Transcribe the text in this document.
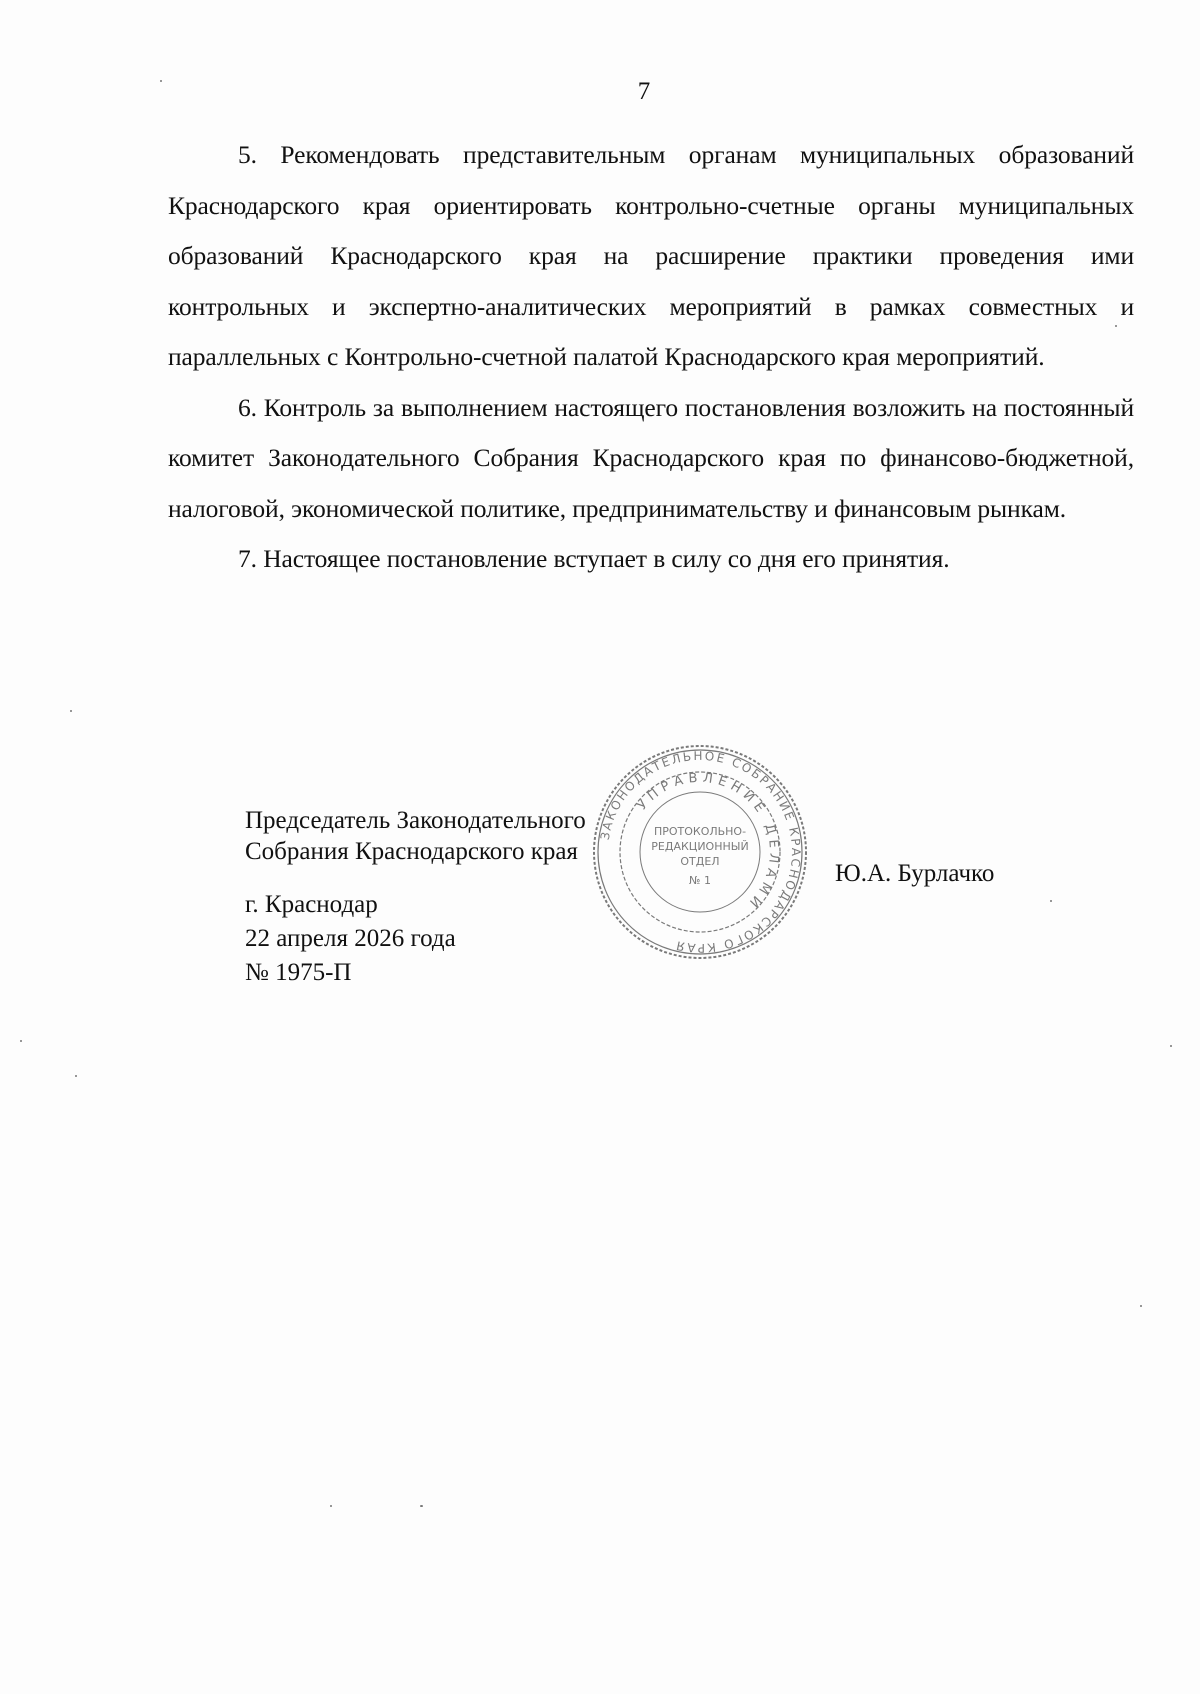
7

5. Рекомендовать представительным органам муниципальных образований Краснодарского края ориентировать контрольно-счетные органы муниципальных образований Краснодарского края на расширение практики проведения ими контрольных и экспертно-аналитических мероприятий в рамках совместных и параллельных с Контрольно-счетной палатой Краснодарского края мероприятий.

6. Контроль за выполнением настоящего постановления возложить на постоянный комитет Законодательного Собрания Краснодарского края по финансово-бюджетной, налоговой, экономической политике, предпринимательству и финансовым рынкам.

7. Настоящее постановление вступает в силу со дня его принятия.

Председатель Законодательного
Собрания Краснодарского края
Ю.А. Бурлачко
г. Краснодар
22 апреля 2026 года
№ 1975-П
ЗАКОНОДАТЕЛЬНОЕ СОБРАНИЕ КРАСНОДАРСКОГО КРАЯ
УПРАВЛЕНИЕ ДЕЛАМИ
ПРОТОКОЛЬНО-
РЕДАКЦИОННЫЙ
ОТДЕЛ
№ 1
